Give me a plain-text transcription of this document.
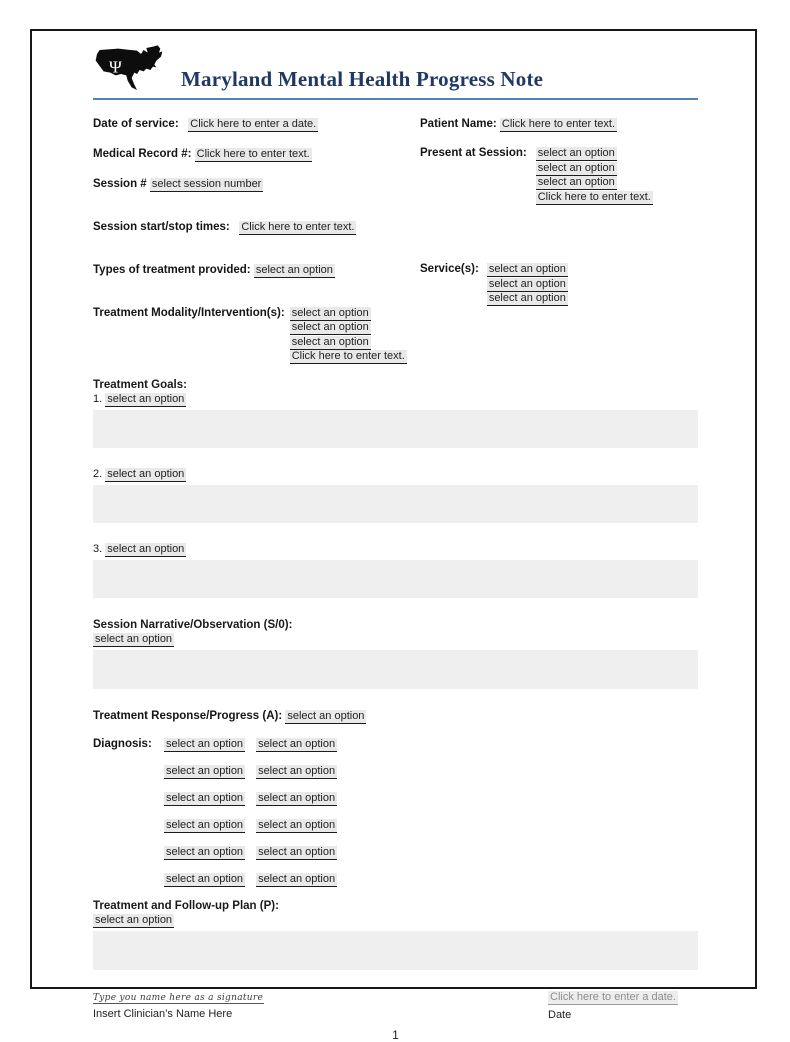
Ψ	Maryland Mental Health Progress Note
Date of service: Click here to enter a date.
Medical Record #: Click here to enter text.
Session # select session number
Patient Name: Click here to enter text.
Present at Session: select an option
select an option
select an option
Click here to enter text.
Session start/stop times: Click here to enter text.
Types of treatment provided: select an option	Service(s): select an option
select an option
select an option
Treatment Modality/Intervention(s): select an option
select an option
select an option
Click here to enter text.
Treatment Goals:
1. select an option
2. select an option
3. select an option
Session Narrative/Observation (S/0):
select an option
Treatment Response/Progress (A): select an option
Diagnosis:	select an option select an option
select an option select an option
select an option select an option
select an option select an option
select an option select an option
select an option select an option
Treatment and Follow-up Plan (P):
select an option
Type you name here as a signature
Insert Clinician’s Name Here
Click here to enter a date.
Date
1
